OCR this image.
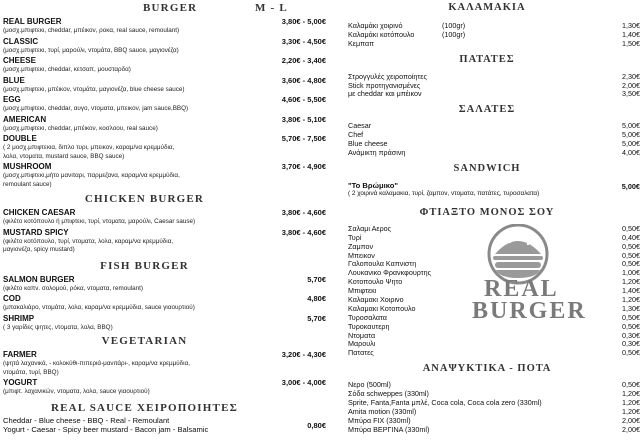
BURGER	M - L
REAL BURGER	3,80€ - 5,00€
(μοσχ.μπιφτεκι, cheddar, μπέικον, ροκα, real sauce, remoulant)
CLASSIC	3,30€ - 4,50€
(μοσχ.μπιφτεκι, τυρί, μαρούλι, ντομάτα, BBQ sauce, μαγιονέζα)
CHEESE	2,20€ - 3,40€
(μοσχ.μπιφτεκι, cheddar, κετσαπ, μουσταρδα)
BLUE	3,60€ - 4,80€
(μοσχ.μπιφτεκι, μπέικον, ντομάτα, μαγιονέζα, blue cheese sauce)
EGG	4,60€ - 5,50€
(μοσχ.μπιφτεκι, cheddar, αυγο, ντοματα, μπεικον, jam sauce,BBQ)
AMERICAN	3,80€ - 5,10€
(μοσχ.μπιφτεκι, cheddar, μπέικον, κοσλοου, real sauce)
DOUBLE	5,70€ - 7,50€
( 2 μοσχ.μπιφτεκια, διπλο τυρι, μπεικον, καραμ/να κρεμμύδια,
λολα, ντοματα, mustard sauce, BBQ sauce)
MUSHROOM	3,70€ - 4,90€
(μοσχ.μπιφτεκι,μήτο μανιταρι, παρμεζανα, καραμ/να κρεμμύδια,
remoulant sauce)
CHICKEN BURGER
CHICKEN CAESAR	3,80€ - 4,60€
(φιλέτο κοτόπουλο ή μπιφτεκι, τυρί, ντοματα, μαρούλι, Caesar sause)
MUSTARD SPICY	3,80€ - 4,60€
(φιλέτο κοτόπουλο, τυρί, ντοματα, λολα, καραμ/να κρεμμύδια,
μαγιονέζα, spicy mustard)
FISH BURGER
SALMON BURGER	5,70€
(φιλέτο καπν. σολομού, ρόκα, ντοματα, remoulant)
COD	4,80€
(μπακαλιάρο, ντομάτα, λολα, καραμ/να κρεμμύδια, sauce γιαουρτιού)
SHRIMP	5,70€
( 3 γαρίδες ψητες, ντοματα, λολα, BBQ)
VEGETARIAN
FARMER	3,20€ - 4,30€
(ψητά λαχανικά, - κολοκύθι-πιπεριά-μανιτάρι-, καραμ/να κρεμμύδια,
ντομάτα, τυρί, BBQ)
YOGURT	3,00€ - 4,00€
(μπιφτ. λαχανικών, ντοματα, λολα, sauce γιαουρτιού)
REAL SAUCE ΧΕΙΡΟΠΟΙΗΤΕΣ
Cheddar - Blue cheese - BBQ - Real - Remoulant
Yogurt - Caesar - Spicy beer mustard - Bacon jam - Balsamic	0,80€
ΚΑΛΑΜΑΚΙΑ
Καλαμάκι χοιρινό	(100gr)	1,30€
Καλαμάκι κοτόπουλο	(100gr)	1,40€
Κεμπαπ	1,50€
ΠΑΤΑΤΕΣ
Στρογγυλές χειροποίητες	2,30€
Stick προτηγανισμένες	2,00€
με cheddar και μπέικον	3,50€
ΣΑΛΑΤΕΣ
Caesar	5,00€
Chef	5,00€
Blue cheese	5,00€
Ανάμικτη πράσινη	4,00€
SANDWICH
"Το Βρώμικο"	5,00€
( 2 χοιρινά καλαμακια, τυρί, ζαμπον, ντοματα, πατάτες, τυροσαλατα)
ΦΤΙΑΞΤΟ ΜΟΝΟΣ ΣΟΥ
Σαλαμι Αερος	0,50€
Τυρί	0,40€
Ζαμπον	0,50€
Μπεικον	0,50€
Γαλοπουλα Καπνιστη	0,50€
Λουκανικο Φρανκφουρτης	1,00€
Κοτοπουλο Ψητο	1,20€
Μπιφτεκι	1,40€
Καλαμακι Χοιρινο	1,20€
Καλαμακι Κοτοπουλο	1,30€
Τυροσαλατα	0,50€
Τυροκαυτερη	0,50€
Ντοματα	0,30€
Μαρουλι	0,30€
Πατατες	0,50€
ΑΝΑΨΥΚΤΙΚΑ - ΠΟΤΑ
Νερο (500ml)	0,50€
Σόδα schweppes (330ml)	1,20€
Sprite, Fanta,Fanta μπλέ, Coca cola, Coca cola zero (330ml)	1,20€
Amita motion (330ml)	1,20€
Μπύρα FIX (330ml)	2,00€
Μπύρα ΒΕΡΓΙΝΑ (330ml)	2,00€
REAL
BURGER
